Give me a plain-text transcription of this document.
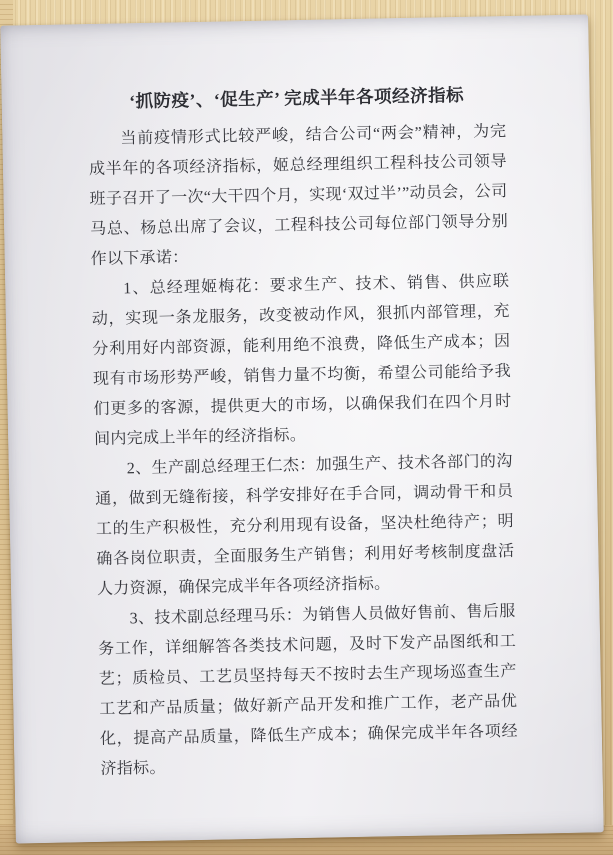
‘抓防疫’、‘促生产’ 完成半年各项经济指标

当前疫情形式比较严峻，结合公司“两会”精神，为完成半年的各项经济指标，姬总经理组织工程科技公司领导班子召开了一次“大干四个月，实现‘双过半’”动员会，公司马总、杨总出席了会议，工程科技公司每位部门领导分别作以下承诺：

1、总经理姬梅花：要求生产、技术、销售、供应联动，实现一条龙服务，改变被动作风，狠抓内部管理，充分利用好内部资源，能利用绝不浪费，降低生产成本；因现有市场形势严峻，销售力量不均衡，希望公司能给予我们更多的客源，提供更大的市场，以确保我们在四个月时间内完成上半年的经济指标。

2、生产副总经理王仁杰：加强生产、技术各部门的沟通，做到无缝衔接，科学安排好在手合同，调动骨干和员工的生产积极性，充分利用现有设备，坚决杜绝待产；明确各岗位职责，全面服务生产销售；利用好考核制度盘活人力资源，确保完成半年各项经济指标。

3、技术副总经理马乐：为销售人员做好售前、售后服务工作，详细解答各类技术问题，及时下发产品图纸和工艺；质检员、工艺员坚持每天不按时去生产现场巡查生产工艺和产品质量；做好新产品开发和推广工作，老产品优化，提高产品质量，降低生产成本；确保完成半年各项经济指标。
